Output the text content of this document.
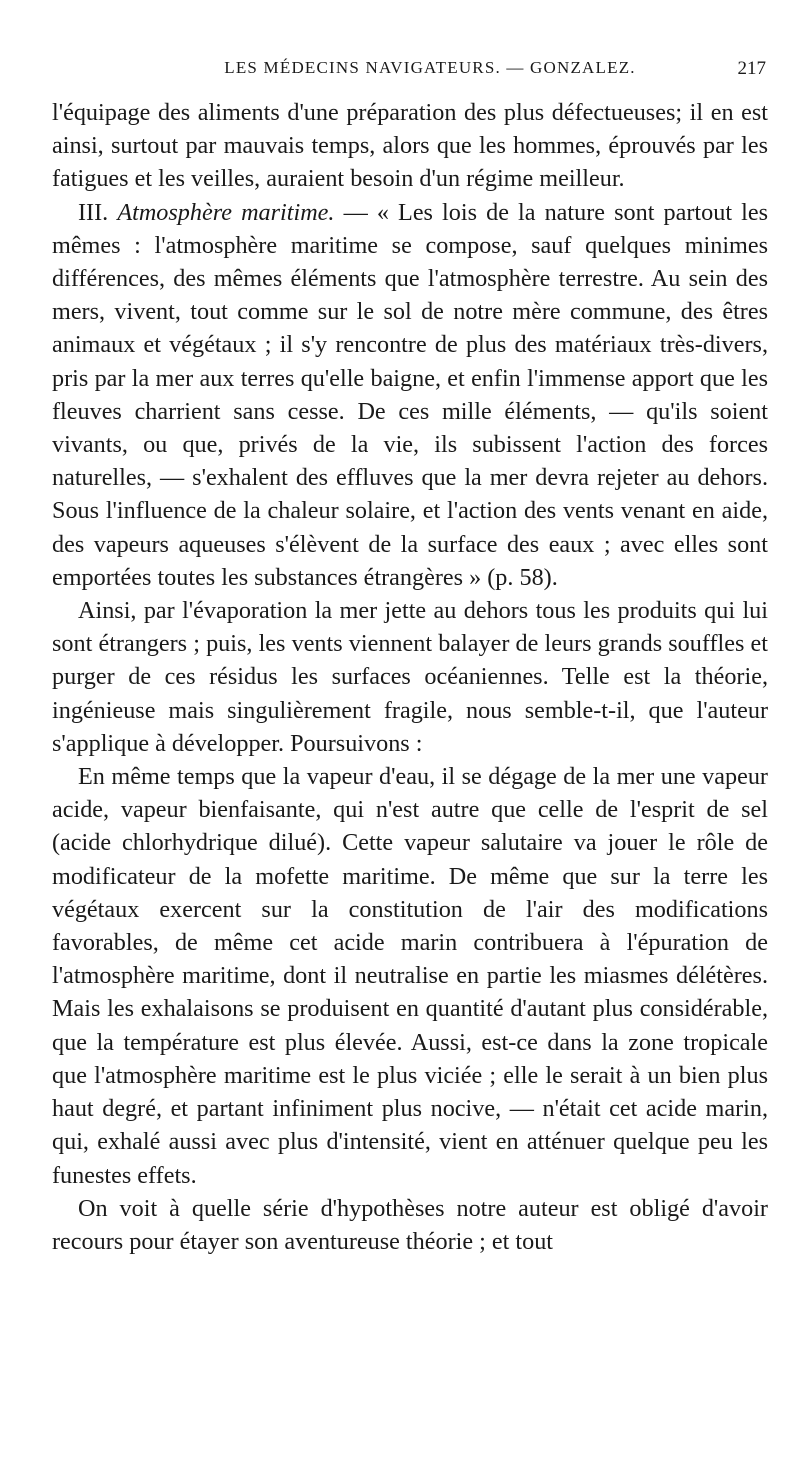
LES MÉDECINS NAVIGATEURS. — GONZALEZ.	217

l'équipage des aliments d'une préparation des plus défectueuses; il en est ainsi, surtout par mauvais temps, alors que les hommes, éprouvés par les fatigues et les veilles, auraient besoin d'un régime meilleur.

III. Atmosphère maritime. — « Les lois de la nature sont partout les mêmes : l'atmosphère maritime se compose, sauf quelques minimes différences, des mêmes éléments que l'atmosphère terrestre. Au sein des mers, vivent, tout comme sur le sol de notre mère commune, des êtres animaux et végétaux ; il s'y rencontre de plus des matériaux très-divers, pris par la mer aux terres qu'elle baigne, et enfin l'immense apport que les fleuves charrient sans cesse. De ces mille éléments, — qu'ils soient vivants, ou que, privés de la vie, ils subissent l'action des forces naturelles, — s'exhalent des effluves que la mer devra rejeter au dehors. Sous l'influence de la chaleur solaire, et l'action des vents venant en aide, des vapeurs aqueuses s'élèvent de la surface des eaux ; avec elles sont emportées toutes les substances étrangères » (p. 58).

Ainsi, par l'évaporation la mer jette au dehors tous les produits qui lui sont étrangers ; puis, les vents viennent balayer de leurs grands souffles et purger de ces résidus les surfaces océaniennes. Telle est la théorie, ingénieuse mais singulièrement fragile, nous semble-t-il, que l'auteur s'applique à développer. Poursuivons :

En même temps que la vapeur d'eau, il se dégage de la mer une vapeur acide, vapeur bienfaisante, qui n'est autre que celle de l'esprit de sel (acide chlorhydrique dilué). Cette vapeur salutaire va jouer le rôle de modificateur de la mofette maritime. De même que sur la terre les végétaux exercent sur la constitution de l'air des modifications favorables, de même cet acide marin contribuera à l'épuration de l'atmosphère maritime, dont il neutralise en partie les miasmes délétères. Mais les exhalaisons se produisent en quantité d'autant plus considérable, que la température est plus élevée. Aussi, est-ce dans la zone tropicale que l'atmosphère maritime est le plus viciée ; elle le serait à un bien plus haut degré, et partant infiniment plus nocive, — n'était cet acide marin, qui, exhalé aussi avec plus d'intensité, vient en atténuer quelque peu les funestes effets.

On voit à quelle série d'hypothèses notre auteur est obligé d'avoir recours pour étayer son aventureuse théorie ; et tout
